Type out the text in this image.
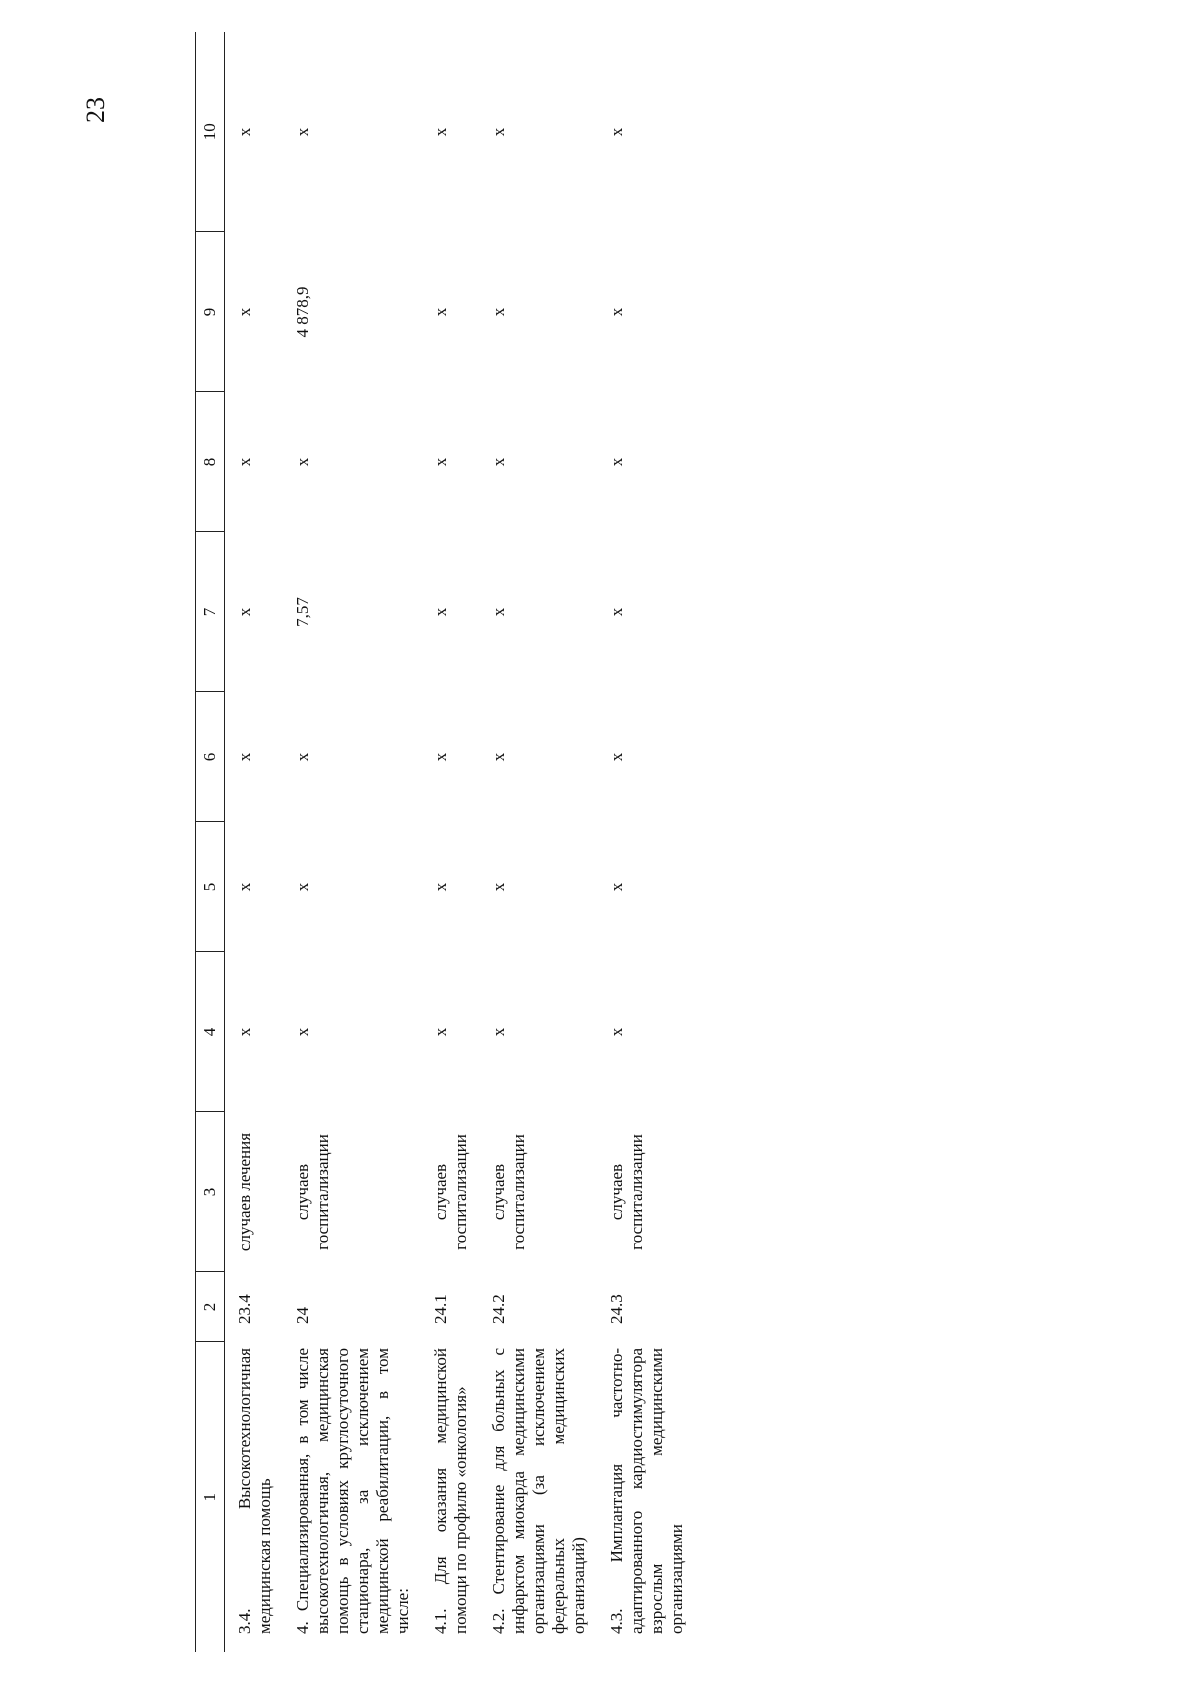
23
1	2	3	4	5	6	7	8	9	10
3.4. Высокотехнологичная медицинская помощь	23.4	случаев лечения	х	х	х	х	х	х	х
4. Специализированная, в том числе высокотехнологичная, медицинская помощь в условиях круглосуточного стационара, за исключением медицинской реабилитации, в том числе:	24	случаев госпитализации	х	х	х	7,57	х	4 878,9	х
4.1. Для оказания медицинской помощи по профилю «онкология»	24.1	случаев госпитализации	х	х	х	х	х	х	х
4.2. Стентирование для больных с инфарктом миокарда медицинскими организациями (за исключением федеральных медицинских организаций)	24.2	случаев госпитализации	х	х	х	х	х	х	х
4.3. Имплантация частотно-адаптированного кардиостимулятора взрослым медицинскими организациями	24.3	случаев госпитализации	х	х	х	х	х	х	х
